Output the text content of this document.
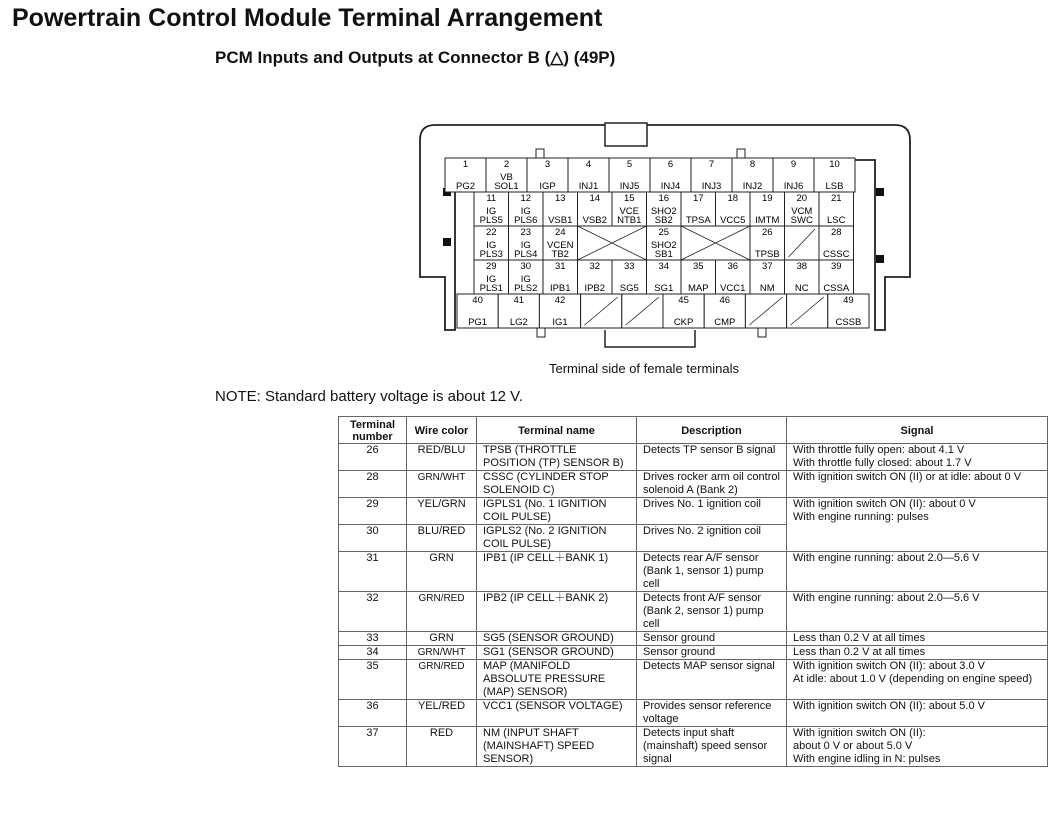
Powertrain Control Module Terminal Arrangement
PCM Inputs and Outputs at Connector B (△) (49P)
1
PG2
2
VB
SOL1
3
IGP
4
INJ1
5
INJ5
6
INJ4
7
INJ3
8
INJ2
9
INJ6
10
LSB
11
IG
PLS5
12
IG
PLS6
13
VSB1
14
VSB2
15
VCE
NTB1
16
SHO2
SB2
17
TPSA
18
VCC5
19
IMTM
20
VCM
SWC
21
LSC
22
IG
PLS3
23
IG
PLS4
24
VCEN
TB2
25
SHO2
SB1
26
TPSB
28
CSSC
29
IG
PLS1
30
IG
PLS2
31
IPB1
32
IPB2
33
SG5
34
SG1
35
MAP
36
VCC1
37
NM
38
NC
39
CSSA
40
PG1
41
LG2
42
IG1
45
CKP
46
CMP
49
CSSB
Terminal side of female terminals
NOTE: Standard battery voltage is about 12 V.
Terminal number	Wire color	Terminal name	Description	Signal
26	RED/BLU	TPSB (THROTTLE POSITION (TP) SENSOR B)	Detects TP sensor B signal	With throttle fully open: about 4.1 V
With throttle fully closed: about 1.7 V
28	GRN/WHT	CSSC (CYLINDER STOP SOLENOID C)	Drives rocker arm oil control solenoid A (Bank 2)	With ignition switch ON (II) or at idle: about 0 V
29	YEL/GRN	IGPLS1 (No. 1 IGNITION COIL PULSE)	Drives No. 1 ignition coil	With ignition switch ON (II): about 0 V
With engine running: pulses
30	BLU/RED	IGPLS2 (No. 2 IGNITION COIL PULSE)	Drives No. 2 ignition coil	
31	GRN	IPB1 (IP CELL＋BANK 1)	Detects rear A/F sensor (Bank 1, sensor 1) pump cell	With engine running: about 2.0—5.6 V
32	GRN/RED	IPB2 (IP CELL＋BANK 2)	Detects front A/F sensor (Bank 2, sensor 1) pump cell	With engine running: about 2.0—5.6 V
33	GRN	SG5 (SENSOR GROUND)	Sensor ground	Less than 0.2 V at all times
34	GRN/WHT	SG1 (SENSOR GROUND)	Sensor ground	Less than 0.2 V at all times
35	GRN/RED	MAP (MANIFOLD ABSOLUTE PRESSURE (MAP) SENSOR)	Detects MAP sensor signal	With ignition switch ON (II): about 3.0 V
At idle: about 1.0 V (depending on engine speed)
36	YEL/RED	VCC1 (SENSOR VOLTAGE)	Provides sensor reference voltage	With ignition switch ON (II): about 5.0 V
37	RED	NM (INPUT SHAFT (MAINSHAFT) SPEED SENSOR)	Detects input shaft (mainshaft) speed sensor signal	With ignition switch ON (II):
about 0 V or about 5.0 V
With engine idling in N: pulses
